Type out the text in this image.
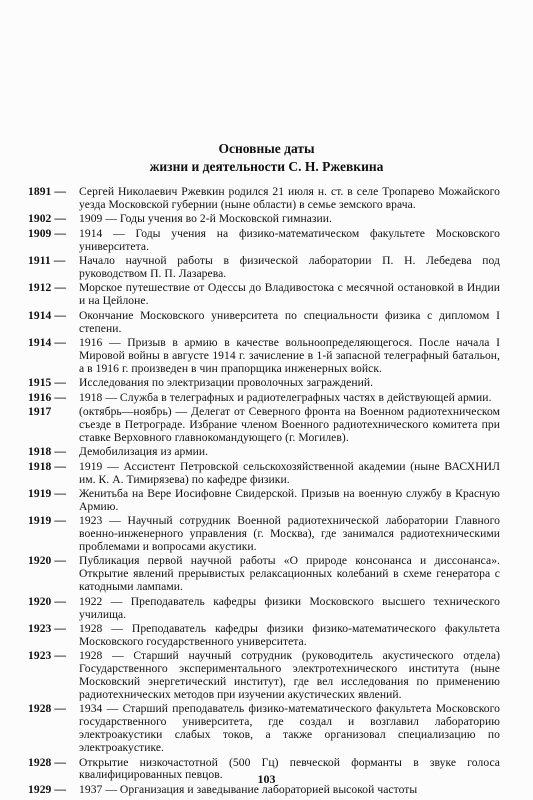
Основные даты
жизни и деятельности С. Н. Ржевкина
1891 —	Сергей Николаевич Ржевкин родился 21 июля н. ст. в селе Тропарево Можайского уезда Московской губернии (ныне области) в семье земского врача.
1902 —	1909 — Годы учения во 2-й Московской гимназии.
1909 —	1914 — Годы учения на физико-математическом факультете Московского университета.
1911 —	Начало научной работы в физической лаборатории П. Н. Лебедева под руководством П. П. Лазарева.
1912 —	Морское путешествие от Одессы до Владивостока с месячной остановкой в Индии и на Цейлоне.
1914 —	Окончание Московского университета по специальности физика с дипломом I степени.
1914 —	1916 — Призыв в армию в качестве вольноопределяющегося. После начала I Мировой войны в августе 1914 г. зачисление в 1-й запасной телеграфный батальон, а в 1916 г. произведен в чин прапорщика инженерных войск.
1915 —	Исследования по электризации проволочных заграждений.
1916 —	1918 — Служба в телеграфных и радиотелеграфных частях в действующей армии.
1917	(октябрь—ноябрь) — Делегат от Северного фронта на Военном радиотехническом съезде в Петрограде. Избрание членом Военного радиотехнического комитета при ставке Верховного главнокомандующего (г. Могилев).
1918 —	Демобилизация из армии.
1918 —	1919 — Ассистент Петровской сельскохозяйственной академии (ныне ВАСХНИЛ им. К. А. Тимирязева) по кафедре физики.
1919 —	Женитьба на Вере Иосифовне Свидерской. Призыв на военную службу в Красную Армию.
1919 —	1923 — Научный сотрудник Военной радиотехнической лаборатории Главного военно-инженерного управления (г. Москва), где занимался радиотехническими проблемами и вопросами акустики.
1920 —	Публикация первой научной работы «О природе консонанса и диссонанса». Открытие явлений прерывистых релаксационных колебаний в схеме генератора с катодными лампами.
1920 —	1922 — Преподаватель кафедры физики Московского высшего технического училища.
1923 —	1928 — Преподаватель кафедры физики физико-математического факультета Московского государственного университета.
1923 —	1928 — Старший научный сотрудник (руководитель акустического отдела) Государственного экспериментального электротехнического института (ныне Московский энергетический институт), где вел исследования по применению радиотехнических методов при изучении акустических явлений.
1928 —	1934 — Старший преподаватель физико-математического факультета Московского государственного университета, где создал и возглавил лабораторию электроакустики слабых токов, а также организовал специализацию по электроакустике.
1928 —	Открытие низкочастотной (500 Гц) певческой форманты в звуке голоса квалифицированных певцов.
1929 —	1937 — Организация и заведывание лабораторией высокой частоты
103
